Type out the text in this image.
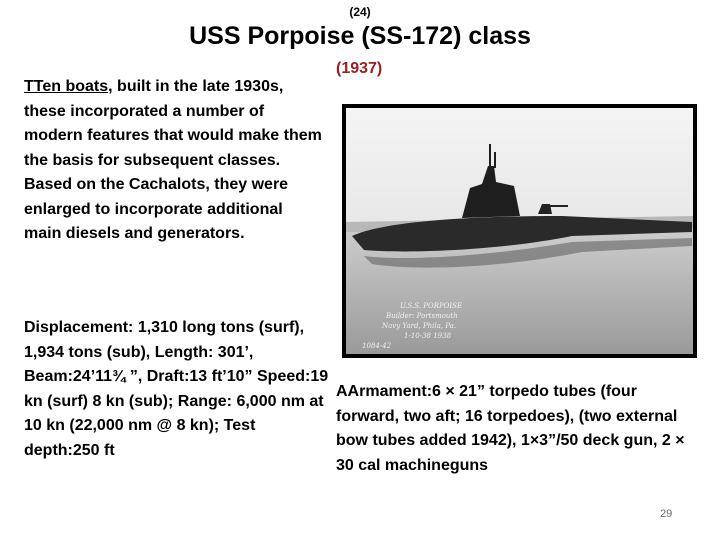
(24)
USS Porpoise (SS-172) class
(1937)
TTen boats, built in the late 1930s, these incorporated a number of modern features that would make them the basis for subsequent classes. Based on the Cachalots, they were enlarged to incorporate additional main diesels and generators.
U.S.S. PORPOISE
Builder: Portsmouth
Navy Yard, Phila, Pa.
1-10-38 1938
1084-42
Displacement: 1,310 long tons (surf), 1,934 tons (sub), Length: 301’, Beam:24’11¾ ”, Draft:13 ft’10” Speed:19 kn (surf) 8 kn (sub); Range: 6,000 nm at 10 kn (22,000 nm @ 8 kn); Test depth:250 ft
AArmament:6 × 21” torpedo tubes (four forward, two aft; 16 torpedoes), (two external bow tubes added 1942), 1×3”/50 deck gun, 2 × 30 cal machineguns
29
